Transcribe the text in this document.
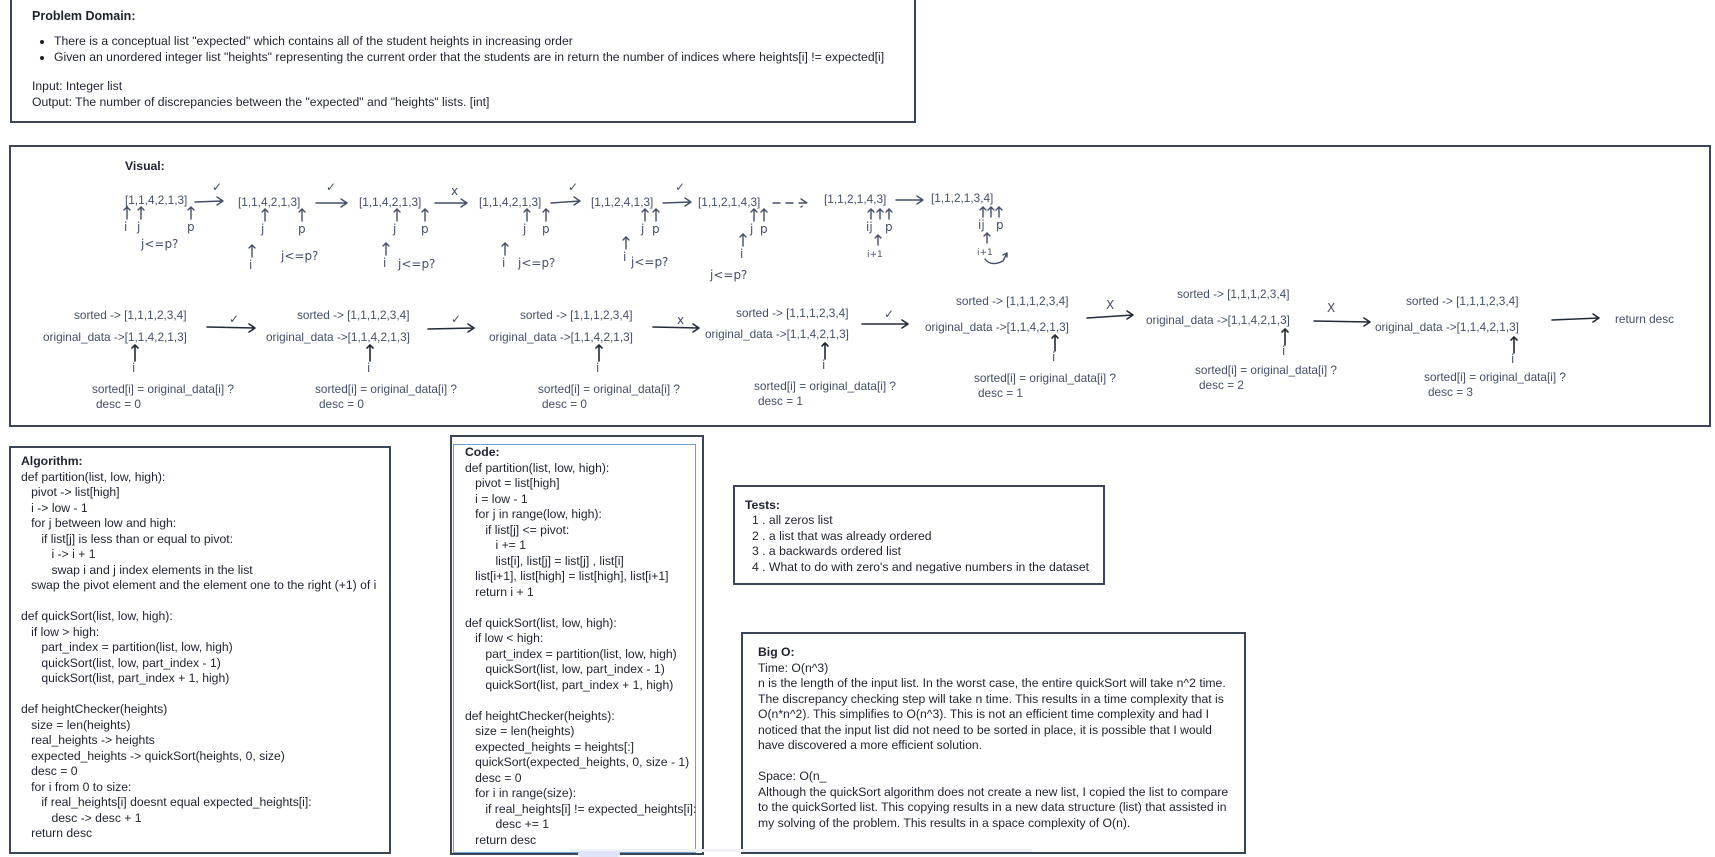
Problem Domain:
• There is a conceptual list "expected" which contains all of the student heights in increasing order
• Given an unordered integer list "heights" representing the current order that the students are in return the number of indices where heights[i] != expected[i]
Input: Integer list
Output: The number of discrepancies between the "expected" and "heights" lists. [int]
Visual:
[1,1,4,2,1,3]	[1,1,4,2,1,3]	[1,1,4,2,1,3]	[1,1,4,2,1,3]	[1,1,2,4,1,3]	[1,1,2,1,4,3]	[1,1,2,1,4,3]	[1,1,2,1,3,4]
✓	✓	x	✓	✓
i j	p	j	p
i
j p
i
j p
i
j p
i
j p
i
ij p
i+1
ij p
i+1
j<=p?
j<=p?
j<=p?	j<=p?	j<=p?
j<=p?
sorted -> [1,1,1,2,3,4]
original_data ->[1,1,4,2,1,3]
i
sorted[i] = original_data[i] ?
desc = 0
✓	sorted -> [1,1,1,2,3,4]
original_data ->[1,1,4,2,1,3]
i
sorted[i] = original_data[i] ?
desc = 0
✓	sorted -> [1,1,1,2,3,4]
original_data ->[1,1,4,2,1,3]
i
sorted[i] = original_data[i] ?
desc = 0
x	sorted -> [1,1,1,2,3,4]
original_data ->[1,1,4,2,1,3]
i
sorted[i] = original_data[i] ?
desc = 1
✓
sorted -> [1,1,1,2,3,4]
original_data ->[1,1,4,2,1,3]
i
sorted[i] = original_data[i] ?
desc = 1
X
sorted -> [1,1,1,2,3,4]
original_data ->[1,1,4,2,1,3]
i
sorted[i] = original_data[i] ?
desc = 2
X	sorted -> [1,1,1,2,3,4]
original_data ->[1,1,4,2,1,3]
i
sorted[i] = original_data[i] ?
desc = 3
return desc
Algorithm:
def partition(list, low, high):
pivot -> list[high]
i -> low - 1
for j between low and high:
if list[j] is less than or equal to pivot:
i -> i + 1
swap i and j index elements in the list
swap the pivot element and the element one to the right (+1) of i

def quickSort(list, low, high):
if low > high:
part_index = partition(list, low, high)
quickSort(list, low, part_index - 1)
quickSort(list, part_index + 1, high)

def heightChecker(heights)
size = len(heights)
real_heights -> heights
expected_heights -> quickSort(heights, 0, size)
desc = 0
for i from 0 to size:
if real_heights[i] doesnt equal expected_heights[i]:
desc -> desc + 1
return desc
Code:
def partition(list, low, high):
pivot = list[high]
i = low - 1
for j in range(low, high):
if list[j] <= pivot:
i += 1
list[i], list[j] = list[j] , list[i]
list[i+1], list[high] = list[high], list[i+1]
return i + 1

def quickSort(list, low, high):
if low < high:
part_index = partition(list, low, high)
quickSort(list, low, part_index - 1)
quickSort(list, part_index + 1, high)

def heightChecker(heights):
size = len(heights)
expected_heights = heights[:]
quickSort(expected_heights, 0, size - 1)
desc = 0
for i in range(size):
if real_heights[i] != expected_heights[i]:
desc += 1
return desc
Tests:
1 . all zeros list
2 . a list that was already ordered
3 . a backwards ordered list
4 . What to do with zero's and negative numbers in the dataset
Big O:
Time: O(n^3)
n is the length of the input list. In the worst case, the entire quickSort will take n^2 time.
The discrepancy checking step will take n time. This results in a time complexity that is
O(n*n^2). This simplifies to O(n^3). This is not an efficient time complexity and had I
noticed that the input list did not need to be sorted in place, it is possible that I would
have discovered a more efficient solution.

Space: O(n_
Although the quickSort algorithm does not create a new list, I copied the list to compare
to the quickSorted list. This copying results in a new data structure (list) that assisted in
my solving of the problem. This results in a space complexity of O(n).
